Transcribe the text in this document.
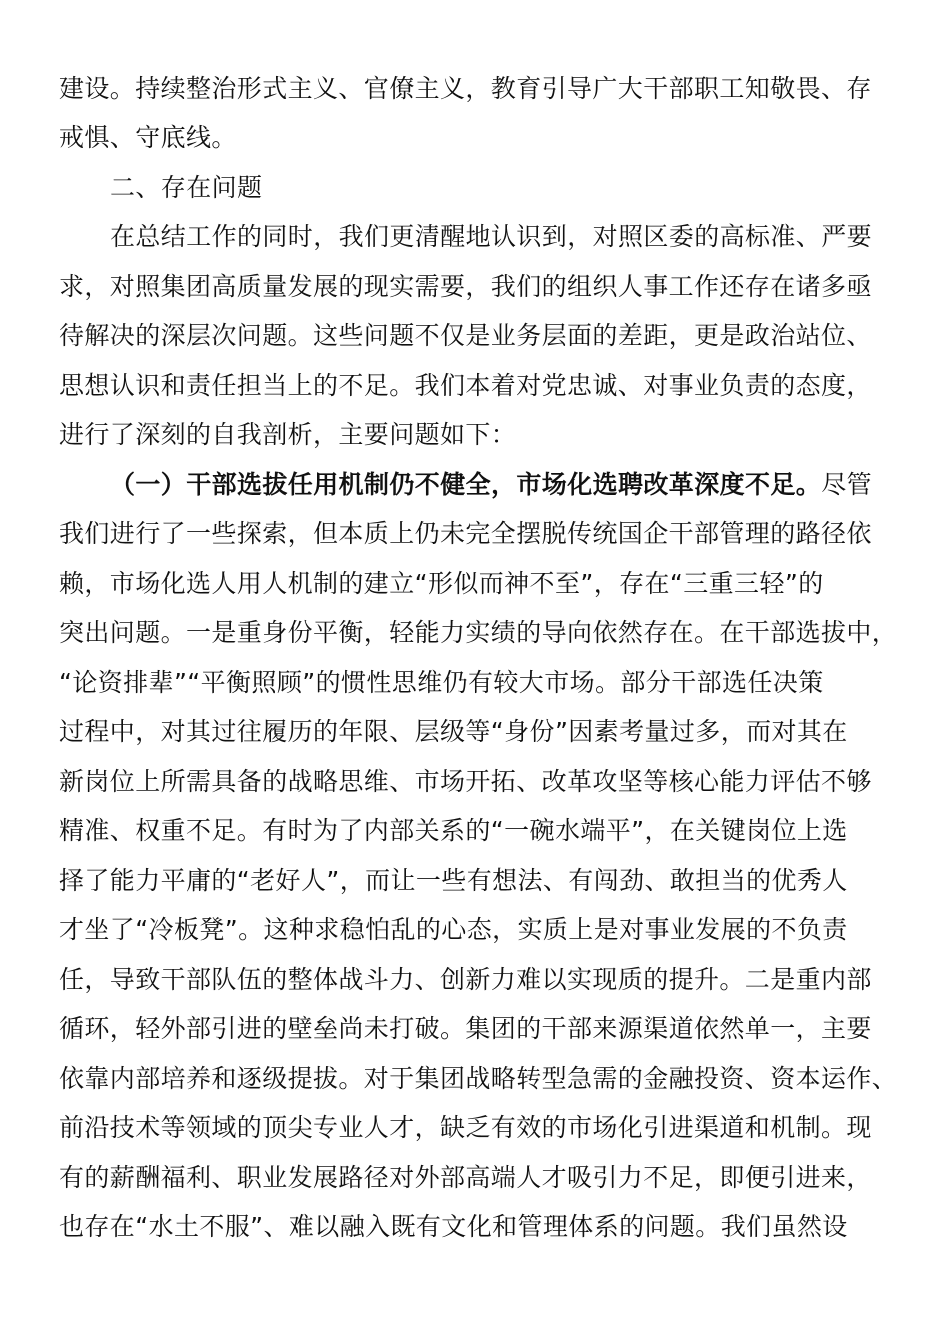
建设。持续整治形式主义、官僚主义，教育引导广大干部职工知敬畏、存
戒惧、守底线。
二、存在问题
在总结工作的同时，我们更清醒地认识到，对照区委的高标准、严要
求，对照集团高质量发展的现实需要，我们的组织人事工作还存在诸多亟
待解决的深层次问题。这些问题不仅是业务层面的差距，更是政治站位、
思想认识和责任担当上的不足。我们本着对党忠诚、对事业负责的态度，
进行了深刻的自我剖析，主要问题如下：
（一）干部选拔任用机制仍不健全，市场化选聘改革深度不足。尽管
我们进行了一些探索，但本质上仍未完全摆脱传统国企干部管理的路径依
赖，市场化选人用人机制的建立“形似而神不至”，存在“三重三轻”的
突出问题。一是重身份平衡，轻能力实绩的导向依然存在。在干部选拔中，
“论资排辈”“平衡照顾”的惯性思维仍有较大市场。部分干部选任决策
过程中，对其过往履历的年限、层级等“身份”因素考量过多，而对其在
新岗位上所需具备的战略思维、市场开拓、改革攻坚等核心能力评估不够
精准、权重不足。有时为了内部关系的“一碗水端平”，在关键岗位上选
择了能力平庸的“老好人”，而让一些有想法、有闯劲、敢担当的优秀人
才坐了“冷板凳”。这种求稳怕乱的心态，实质上是对事业发展的不负责
任，导致干部队伍的整体战斗力、创新力难以实现质的提升。二是重内部
循环，轻外部引进的壁垒尚未打破。集团的干部来源渠道依然单一，主要
依靠内部培养和逐级提拔。对于集团战略转型急需的金融投资、资本运作、
前沿技术等领域的顶尖专业人才，缺乏有效的市场化引进渠道和机制。现
有的薪酬福利、职业发展路径对外部高端人才吸引力不足，即便引进来，
也存在“水土不服”、难以融入既有文化和管理体系的问题。我们虽然设
